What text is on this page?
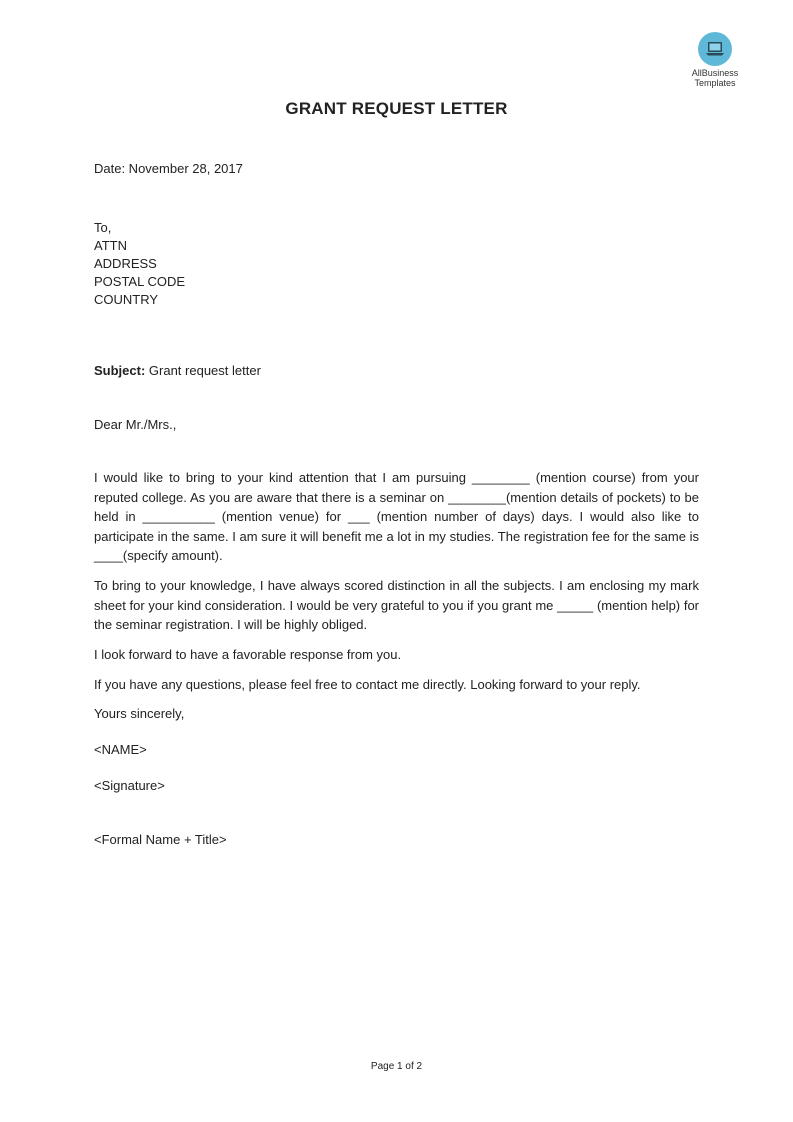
AllBusiness
Templates
GRANT REQUEST LETTER
Date: November 28, 2017
To,
ATTN
ADDRESS
POSTAL CODE
COUNTRY
Subject: Grant request letter
Dear Mr./Mrs.,
I would like to bring to your kind attention that I am pursuing ________ (mention course) from your reputed college. As you are aware that there is a seminar on ________(mention details of pockets) to be held in __________ (mention venue) for ___ (mention number of days) days. I would also like to participate in the same. I am sure it will benefit me a lot in my studies. The registration fee for the same is ____(specify amount).
To bring to your knowledge, I have always scored distinction in all the subjects. I am enclosing my mark sheet for your kind consideration. I would be very grateful to you if you grant me _____ (mention help) for the seminar registration. I will be highly obliged.
I look forward to have a favorable response from you.
If you have any questions, please feel free to contact me directly. Looking forward to your reply.
Yours sincerely,
<NAME>
<Signature>
<Formal Name + Title>
Page 1 of 2
